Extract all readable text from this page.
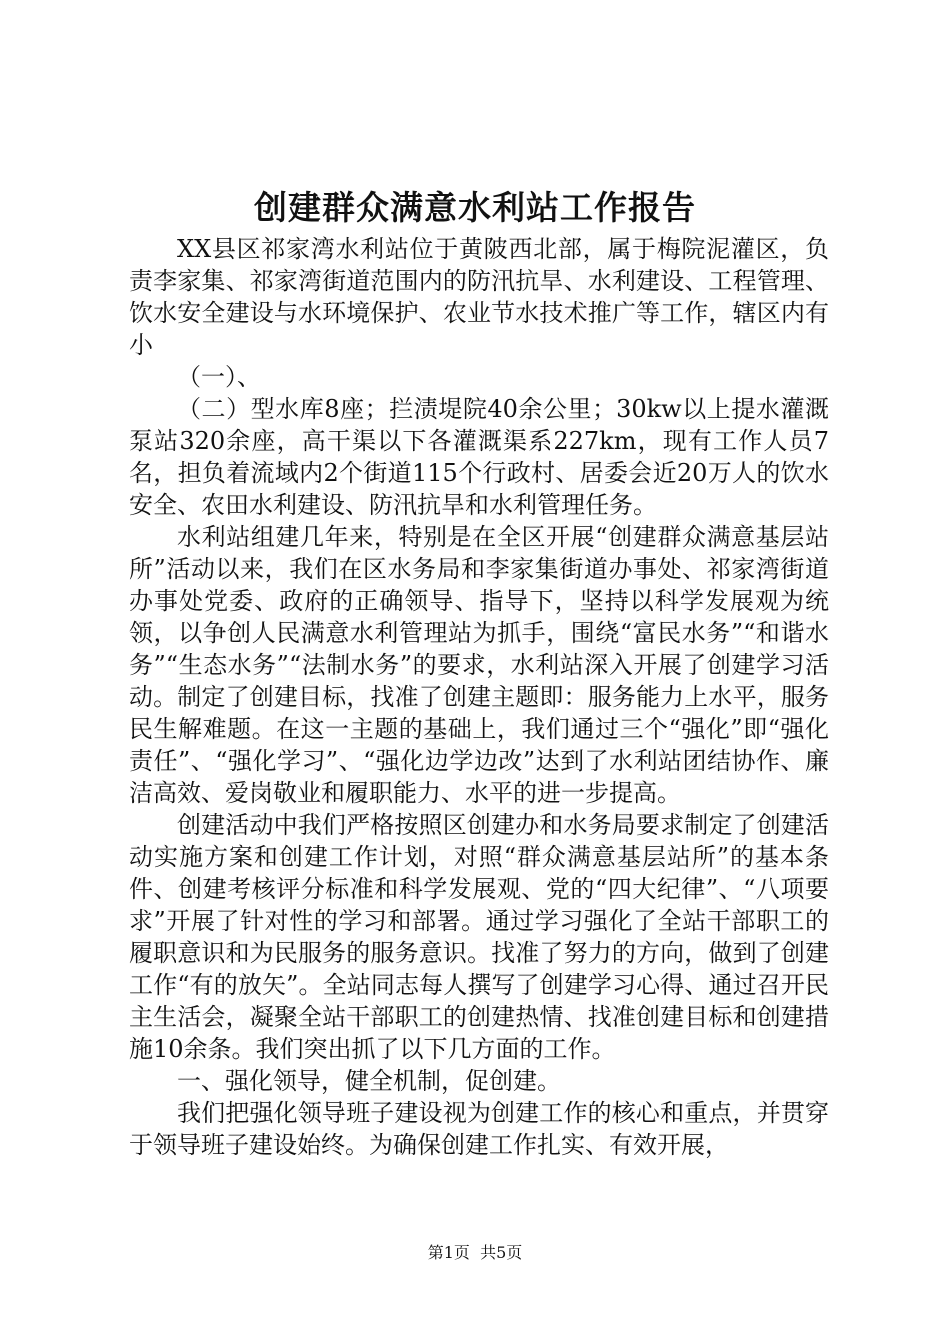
创建群众满意水利站工作报告

XX县区祁家湾水利站位于黄陂西北部，属于梅院泥灌区，负责李家集、祁家湾街道范围内的防汛抗旱、水利建设、工程管理、饮水安全建设与水环境保护、农业节水技术推广等工作，辖区内有小

（一）、

（二）型水库8座；拦渍堤院40余公里；30kw以上提水灌溉泵站320余座，高干渠以下各灌溉渠系227km，现有工作人员7名，担负着流域内2个街道115个行政村、居委会近20万人的饮水安全、农田水利建设、防汛抗旱和水利管理任务。

水利站组建几年来，特别是在全区开展“创建群众满意基层站所”活动以来，我们在区水务局和李家集街道办事处、祁家湾街道办事处党委、政府的正确领导、指导下，坚持以科学发展观为统领，以争创人民满意水利管理站为抓手，围绕“富民水务”“和谐水务”“生态水务”“法制水务”的要求，水利站深入开展了创建学习活动。制定了创建目标，找准了创建主题即：服务能力上水平，服务民生解难题。在这一主题的基础上，我们通过三个“强化”即“强化责任”、“强化学习”、“强化边学边改”达到了水利站团结协作、廉洁高效、爱岗敬业和履职能力、水平的进一步提高。

创建活动中我们严格按照区创建办和水务局要求制定了创建活动实施方案和创建工作计划，对照“群众满意基层站所”的基本条件、创建考核评分标准和科学发展观、党的“四大纪律”、“八项要求”开展了针对性的学习和部署。通过学习强化了全站干部职工的履职意识和为民服务的服务意识。找准了努力的方向，做到了创建工作“有的放矢”。全站同志每人撰写了创建学习心得、通过召开民主生活会，凝聚全站干部职工的创建热情、找准创建目标和创建措施10余条。我们突出抓了以下几方面的工作。

一、强化领导，健全机制，促创建。

我们把强化领导班子建设视为创建工作的核心和重点，并贯穿于领导班子建设始终。为确保创建工作扎实、有效开展，

第1页  共5页
